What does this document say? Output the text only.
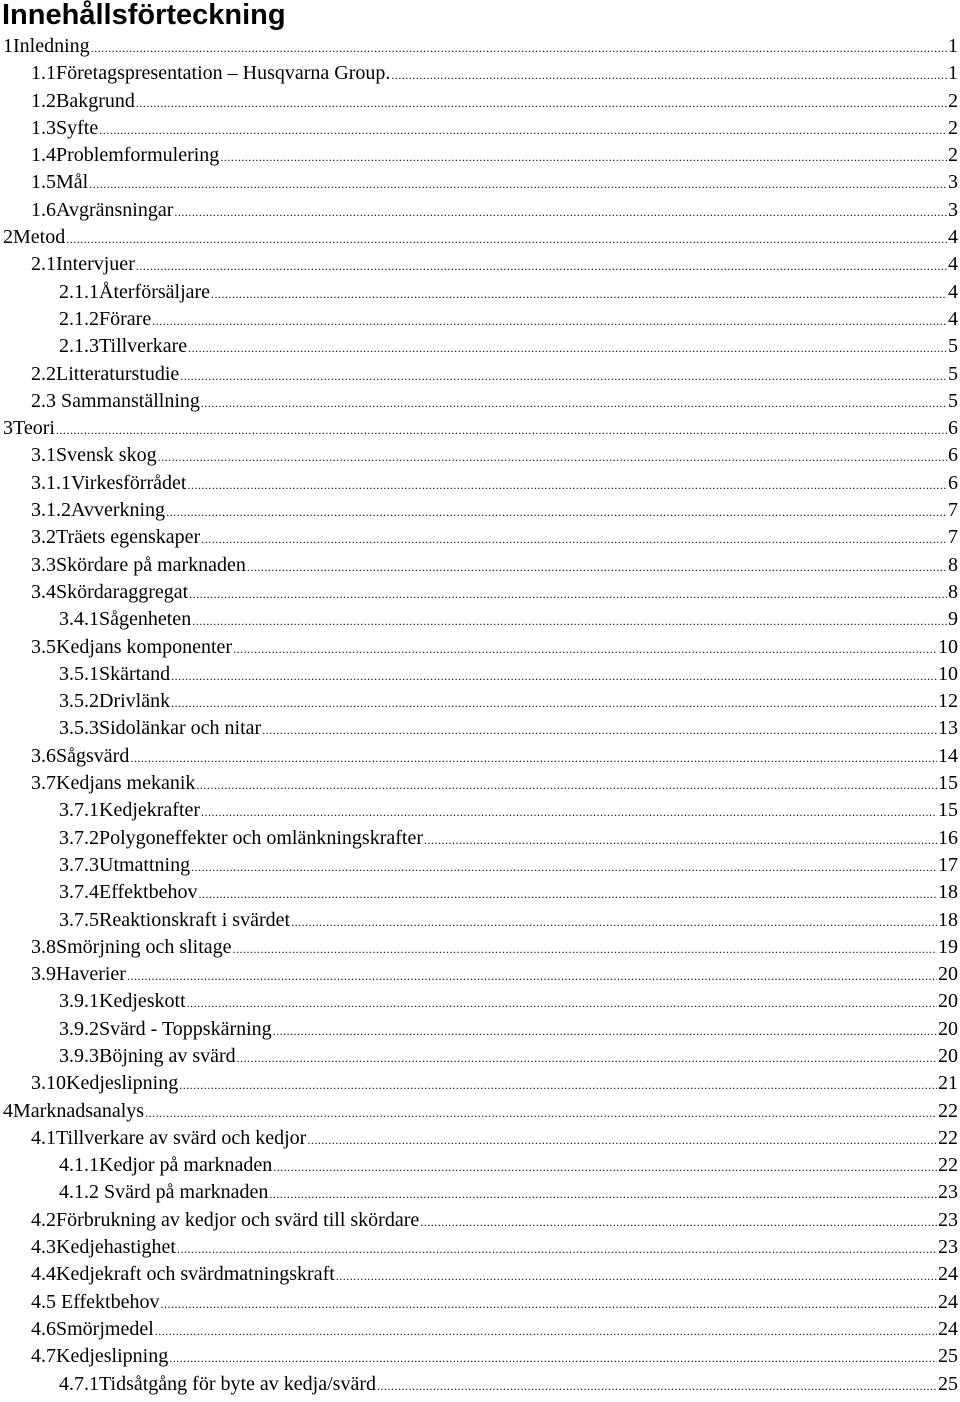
Innehållsförteckning
1Inledning .....	1
1.1Företagspresentation – Husqvarna Group. .....	1
1.2Bakgrund .....	2
1.3Syfte .....	2
1.4Problemformulering .....	2
1.5Mål .....	3
1.6Avgränsningar .....	3
2Metod .....	4
2.1Intervjuer .....	4
2.1.1Återförsäljare .....	4
2.1.2Förare .....	4
2.1.3Tillverkare .....	5
2.2Litteraturstudie .....	5
2.3 Sammanställning .....	5
3Teori .....	6
3.1Svensk skog .....	6
3.1.1Virkesförrådet .....	6
3.1.2Avverkning .....	7
3.2Träets egenskaper .....	7
3.3Skördare på marknaden .....	8
3.4Skördaraggregat .....	8
3.4.1Sågenheten .....	9
3.5Kedjans komponenter .....	10
3.5.1Skärtand .....	10
3.5.2Drivlänk .....	12
3.5.3Sidolänkar och nitar .....	13
3.6Sågsvärd .....	14
3.7Kedjans mekanik .....	15
3.7.1Kedjekrafter .....	15
3.7.2Polygoneffekter och omlänkningskrafter .....	16
3.7.3Utmattning .....	17
3.7.4Effektbehov .....	18
3.7.5Reaktionskraft i svärdet .....	18
3.8Smörjning och slitage .....	19
3.9Haverier .....	20
3.9.1Kedjeskott .....	20
3.9.2Svärd - Toppskärning .....	20
3.9.3Böjning av svärd .....	20
3.10Kedjeslipning .....	21
4Marknadsanalys .....	22
4.1Tillverkare av svärd och kedjor .....	22
4.1.1Kedjor på marknaden .....	22
4.1.2 Svärd på marknaden .....	23
4.2Förbrukning av kedjor och svärd till skördare .....	23
4.3Kedjehastighet .....	23
4.4Kedjekraft och svärdmatningskraft .....	24
4.5 Effektbehov .....	24
4.6Smörjmedel .....	24
4.7Kedjeslipning .....	25
4.7.1Tidsåtgång för byte av kedja/svärd .....	25
